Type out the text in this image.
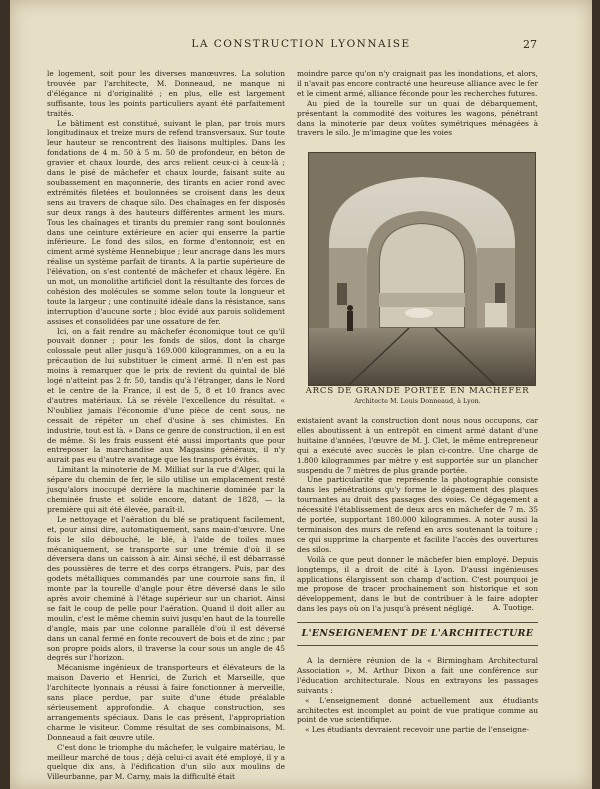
LA CONSTRUCTION LYONNAISE	27

le logement, soit pour les diverses manœuvres. La solution trouvée par l'architecte, M. Donneaud, ne manque ni d'élégance ni d'originalité ; en plus, elle est largement suffisante, tous les points particuliers ayant été parfaitement traités.

Le bâtiment est constitué, suivant le plan, par trois murs longitudinaux et treize murs de refend transversaux. Sur toute leur hauteur se rencontrent des liaisons multiples. Dans les fondations de 4 m. 50 à 5 m. 50 de profondeur, en béton de gravier et chaux lourde, des arcs relient ceux-ci à ceux-là ; dans le pisé de mâchefer et chaux lourde, faisant suite au soubassement en maçonnerie, des tirants en acier rond avec extrémités filetées et boulonnées se croisent dans les deux sens au travers de chaque silo. Des chaînages en fer disposés sur deux rangs à des hauteurs différentes arment les murs. Tous les chaînages et tirants du premier rang sont boulonnés dans une ceinture extérieure en acier qui enserre la partie inférieure. Le fond des silos, en forme d'entonnoir, est en ciment armé système Hennebique ; leur ancrage dans les murs réalise un système parfait de tirants. A la partie supérieure de l'élévation, on s'est contenté de mâchefer et chaux légère. En un mot, un monolithe artificiel dont la résultante des forces de cohésion des molécules se somme selon toute la longueur et toute la largeur ; une continuité idéale dans la résistance, sans interruption d'aucune sorte ; bloc évidé aux parois solidement assises et consolidées par une ossature de fer.

Ici, on a fait rendre au mâchefer économique tout ce qu'il pouvait donner ; pour les fonds de silos, dont la charge colossale peut aller jusqu'à 169.000 kilogrammes, on a eu la précaution de lui substituer le ciment armé. Il n'en est pas moins à remarquer que le prix de revient du quintal de blé logé n'atteint pas 2 fr. 50, tandis qu'à l'étranger, dans le Nord et le centre de la France, il est de 5, 8 et 10 francs avec d'autres matériaux. Là se révèle l'excellence du résultat. « N'oubliez jamais l'économie d'une pièce de cent sous, ne cessait de répéter un chef d'usine à ses chimistes. En industrie, tout est là. » Dans ce genre de construction, il en est de même. Si les frais eussent été aussi importants que pour entreposer la marchandise aux Magasins généraux, il n'y aurait pas eu d'autre avantage que les transports évités.

Limitant la minoterie de M. Milliat sur la rue d'Alger, qui la sépare du chemin de fer, le silo utilise un emplacement resté jusqu'alors inoccupé derrière la machinerie dominée par la cheminée fruste et solide encore, datant de 1828, — la première qui ait été élevée, paraît-il.

Le nettoyage et l'aération du blé se pratiquent facilement, et, pour ainsi dire, automatiquement, sans main-d'œuvre. Une fois le silo débouché, le blé, à l'aide de toiles mues mécaniquement, se transporte sur une trémie d'où il se déversera dans un caisson à air. Ainsi séché, il est débarrassé des poussières de terre et des corps étrangers. Puis, par des godets métalliques commandés par une courroie sans fin, il monte par la tourelle d'angle pour être déversé dans le silo après avoir cheminé à l'étage supérieur sur un chariot. Ainsi se fait le coup de pelle pour l'aération. Quand il doit aller au moulin, c'est le même chemin suivi jusqu'en haut de la tourelle d'angle, mais par une colonne parallèle d'où il est déversé dans un canal fermé en fonte recouvert de bois et de zinc ; par son propre poids alors, il traverse la cour sous un angle de 45 degrés sur l'horizon.

Mécanisme ingénieux de transporteurs et élévateurs de la maison Daverio et Henrici, de Zurich et Marseille, que l'architecte lyonnais a réussi à faire fonctionner à merveille, sans place perdue, par suite d'une étude préalable sérieusement approfondie. A chaque construction, ses arrangements spéciaux. Dans le cas présent, l'appropriation charme le visiteur. Comme résultat de ses combinaisons, M. Donneaud a fait œuvre utile.

C'est donc le triomphe du mâchefer, le vulgaire matériau, le meilleur marché de tous ; déjà celui-ci avait été employé, il y a quelque dix ans, à l'édification d'un silo aux moulins de Villeurbanne, par M. Carny, mais la difficulté était

moindre parce qu'on n'y craignait pas les inondations, et alors, il n'avait pas encore contracté une heureuse alliance avec le fer et le ciment armé, alliance féconde pour les recherches futures.

Au pied de la tourelle sur un quai de débarquement, présentant la commodité des voitures les wagons, pénétrant dans la minoterie par deux voûtes symétriques ménagées à travers le silo. Je m'imagine que les voies

ARCS DE GRANDE PORTÉE EN MACHEFER
Architecte M. Louis Donneaud, à Lyon.

existaient avant la construction dont nous nous occupons, car elles aboutissent à un entrepôt en ciment armé datant d'une huitaine d'années, l'œuvre de M. J. Clet, le même entrepreneur qui a exécuté avec succès le plan ci-contre. Une charge de 1.800 kilogrammes par mètre y est supportée sur un plancher suspendu de 7 mètres de plus grande portée.

Une particularité que représente la photographie consiste dans les pénétrations qu'y forme le dégagement des plaques tournantes au droit des passages des voies. Ce dégagement a nécessité l'établissement de deux arcs en mâchefer de 7 m. 35 de portée, supportant 180.000 kilogrammes. A noter aussi la terminaison des murs de refend en arcs soutenant la toiture ; ce qui supprime la charpente et facilite l'accès des ouvertures des silos.

Voilà ce que peut donner le mâchefer bien employé. Depuis longtemps, il a droit de cité à Lyon. D'aussi ingénieuses applications élargissent son champ d'action. C'est pourquoi je me propose de tracer prochainement son historique et son développement, dans le but de contribuer à le faire adopter dans les pays où on l'a jusqu'à présent négligé.	A. Tuotige.
L'ENSEIGNEMENT DE L'ARCHITECTURE

A la dernière réunion de la « Birmingham Architectural Association », M. Arthur Dixon a fait une conférence sur l'éducation architecturale. Nous en extrayons les passages suivants :

« L'enseignement donné actuellement aux étudiants architectes est incomplet au point de vue pratique comme au point de vue scientifique.

« Les étudiants devraient recevoir une partie de l'enseigne-
